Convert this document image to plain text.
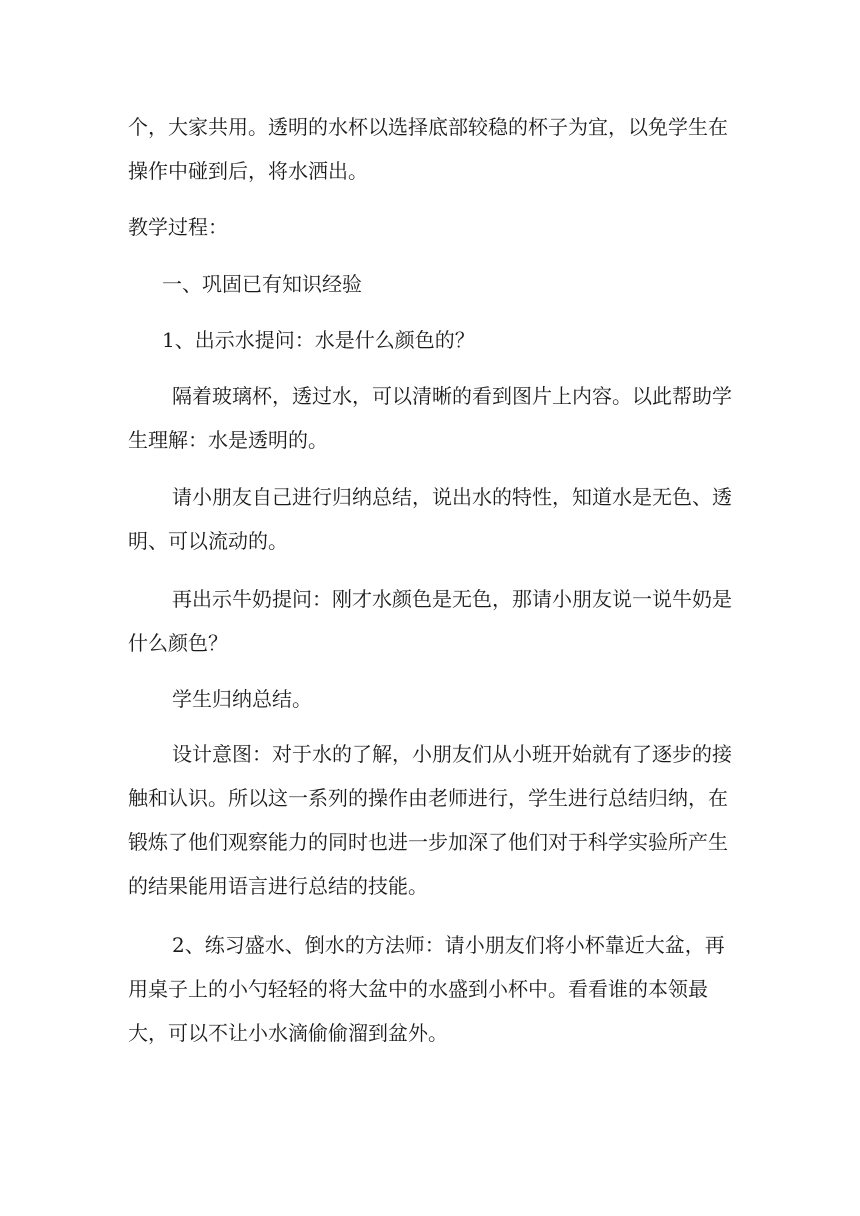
个，大家共用。透明的水杯以选择底部较稳的杯子为宜，以免学生在操作中碰到后，将水洒出。

教学过程：

一、巩固已有知识经验

1、出示水提问：水是什么颜色的？

隔着玻璃杯，透过水，可以清晰的看到图片上内容。以此帮助学生理解：水是透明的。

请小朋友自己进行归纳总结，说出水的特性，知道水是无色、透明、可以流动的。

再出示牛奶提问：刚才水颜色是无色，那请小朋友说一说牛奶是什么颜色？

学生归纳总结。

设计意图：对于水的了解，小朋友们从小班开始就有了逐步的接触和认识。所以这一系列的操作由老师进行，学生进行总结归纳，在锻炼了他们观察能力的同时也进一步加深了他们对于科学实验所产生的结果能用语言进行总结的技能。

2、练习盛水、倒水的方法师：请小朋友们将小杯靠近大盆，再用桌子上的小勺轻轻的将大盆中的水盛到小杯中。看看谁的本领最大，可以不让小水滴偷偷溜到盆外。
